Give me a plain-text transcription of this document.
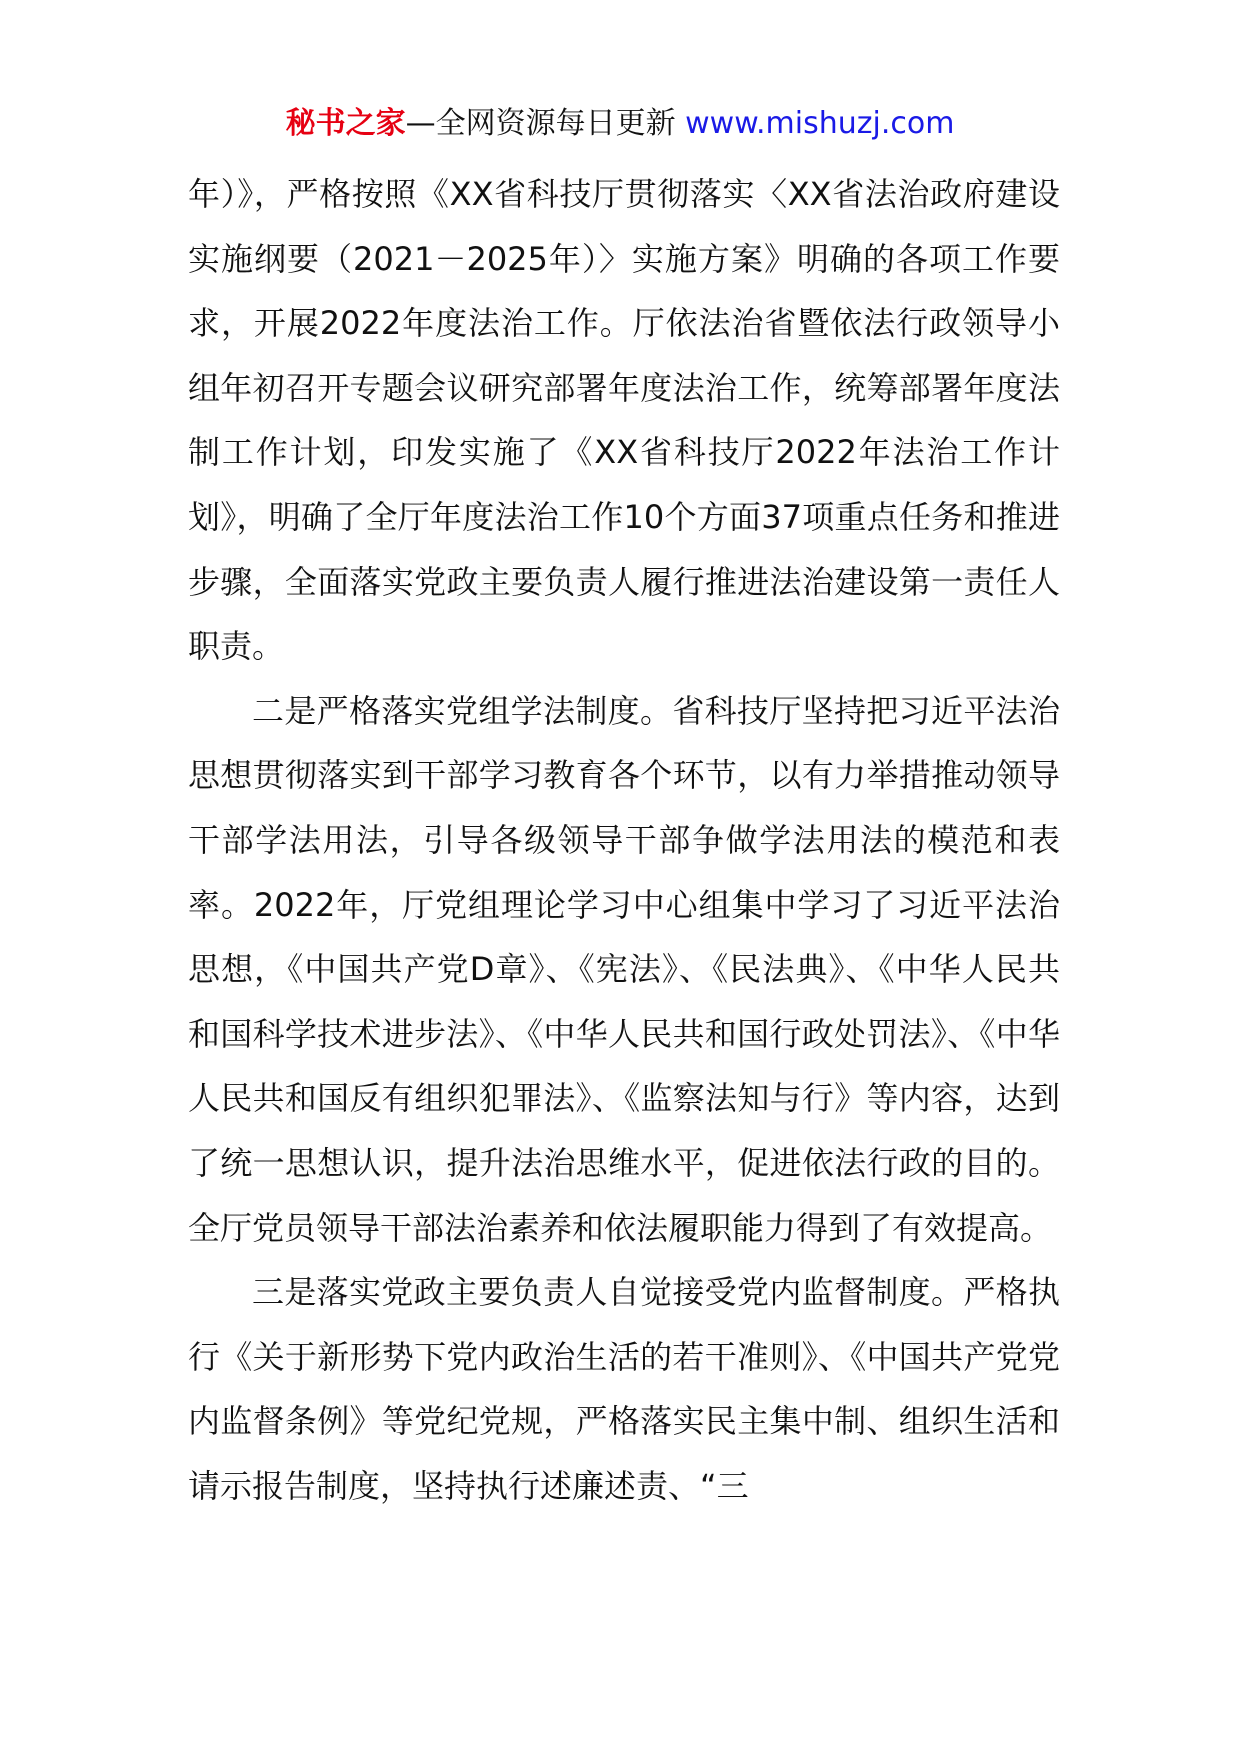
秘书之家—全网资源每日更新 www.mishuzj.com

年）》，严格按照《XX省科技厅贯彻落实〈XX省法治政府建设实施纲要（2021－2025年）〉实施方案》明确的各项工作要求，开展2022年度法治工作。厅依法治省暨依法行政领导小组年初召开专题会议研究部署年度法治工作，统筹部署年度法制工作计划，印发实施了《XX省科技厅2022年法治工作计划》，明确了全厅年度法治工作10个方面37项重点任务和推进步骤，全面落实党政主要负责人履行推进法治建设第一责任人职责。

二是严格落实党组学法制度。省科技厅坚持把习近平法治思想贯彻落实到干部学习教育各个环节，以有力举措推动领导干部学法用法，引导各级领导干部争做学法用法的模范和表率。2022年，厅党组理论学习中心组集中学习了习近平法治思想，《中国共产党D章》、《宪法》、《民法典》、《中华人民共和国科学技术进步法》、《中华人民共和国行政处罚法》、《中华人民共和国反有组织犯罪法》、《监察法知与行》等内容，达到了统一思想认识，提升法治思维水平，促进依法行政的目的。全厅党员领导干部法治素养和依法履职能力得到了有效提高。

三是落实党政主要负责人自觉接受党内监督制度。严格执行《关于新形势下党内政治生活的若干准则》、《中国共产党党内监督条例》等党纪党规，严格落实民主集中制、组织生活和请示报告制度，坚持执行述廉述责、“三
